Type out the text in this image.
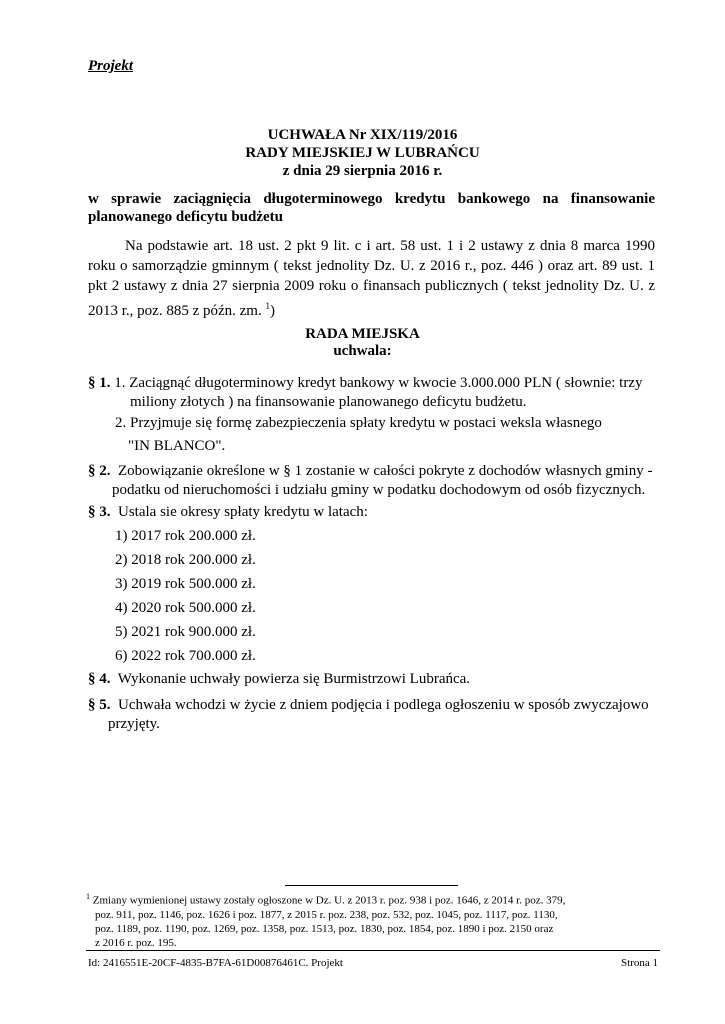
Projekt

UCHWAŁA Nr XIX/119/2016

RADY MIEJSKIEJ W LUBRAŃCU

z dnia 29 sierpnia 2016 r.

w sprawie zaciągnięcia długoterminowego kredytu bankowego na finansowanie planowanego deficytu budżetu

Na podstawie art. 18 ust. 2 pkt 9 lit. c i art. 58 ust. 1 i 2 ustawy z dnia 8 marca 1990 roku o samorządzie gminnym ( tekst jednolity Dz. U. z 2016 r., poz. 446 ) oraz art. 89 ust. 1 pkt 2 ustawy z dnia 27 sierpnia 2009 roku o finansach publicznych ( tekst jednolity Dz. U. z 2013 r., poz. 885 z późn. zm. $^1$)

RADA MIEJSKA

uchwala:

§ 1. 1. Zaciągnąć długoterminowy kredyt bankowy w kwocie 3.000.000 PLN ( słownie: trzy

miliony złotych ) na finansowanie planowanego deficytu budżetu.

2. Przyjmuje się formę zabezpieczenia spłaty kredytu w postaci weksla własnego

"IN BLANCO".

§ 2. Zobowiązanie określone w § 1 zostanie w całości pokryte z dochodów własnych gminy -

podatku od nieruchomości i udziału gminy w podatku dochodowym od osób fizycznych.

§ 3. Ustala sie okresy spłaty kredytu w latach:

1) 2017 rok 200.000 zł.

2) 2018 rok 200.000 zł.

3) 2019 rok 500.000 zł.

4) 2020 rok 500.000 zł.

5) 2021 rok 900.000 zł.

6) 2022 rok 700.000 zł.

§ 4. Wykonanie uchwały powierza się Burmistrzowi Lubrańca.

§ 5. Uchwała wchodzi w życie z dniem podjęcia i podlega ogłoszeniu w sposób zwyczajowo

przyjęty.

$^1$ Zmiany wymienionej ustawy zostały ogłoszone w Dz. U. z 2013 r. poz. 938 i poz. 1646, z 2014 r. poz. 379,
poz. 911, poz. 1146, poz. 1626 i poz. 1877, z 2015 r. poz. 238, poz. 532, poz. 1045, poz. 1117, poz. 1130,
poz. 1189, poz. 1190, poz. 1269, poz. 1358, poz. 1513, poz. 1830, poz. 1854, poz. 1890 i poz. 2150 oraz
z 2016 r. poz. 195.

Id: 2416551E-20CF-4835-B7FA-61D00876461C. Projekt	Strona 1
